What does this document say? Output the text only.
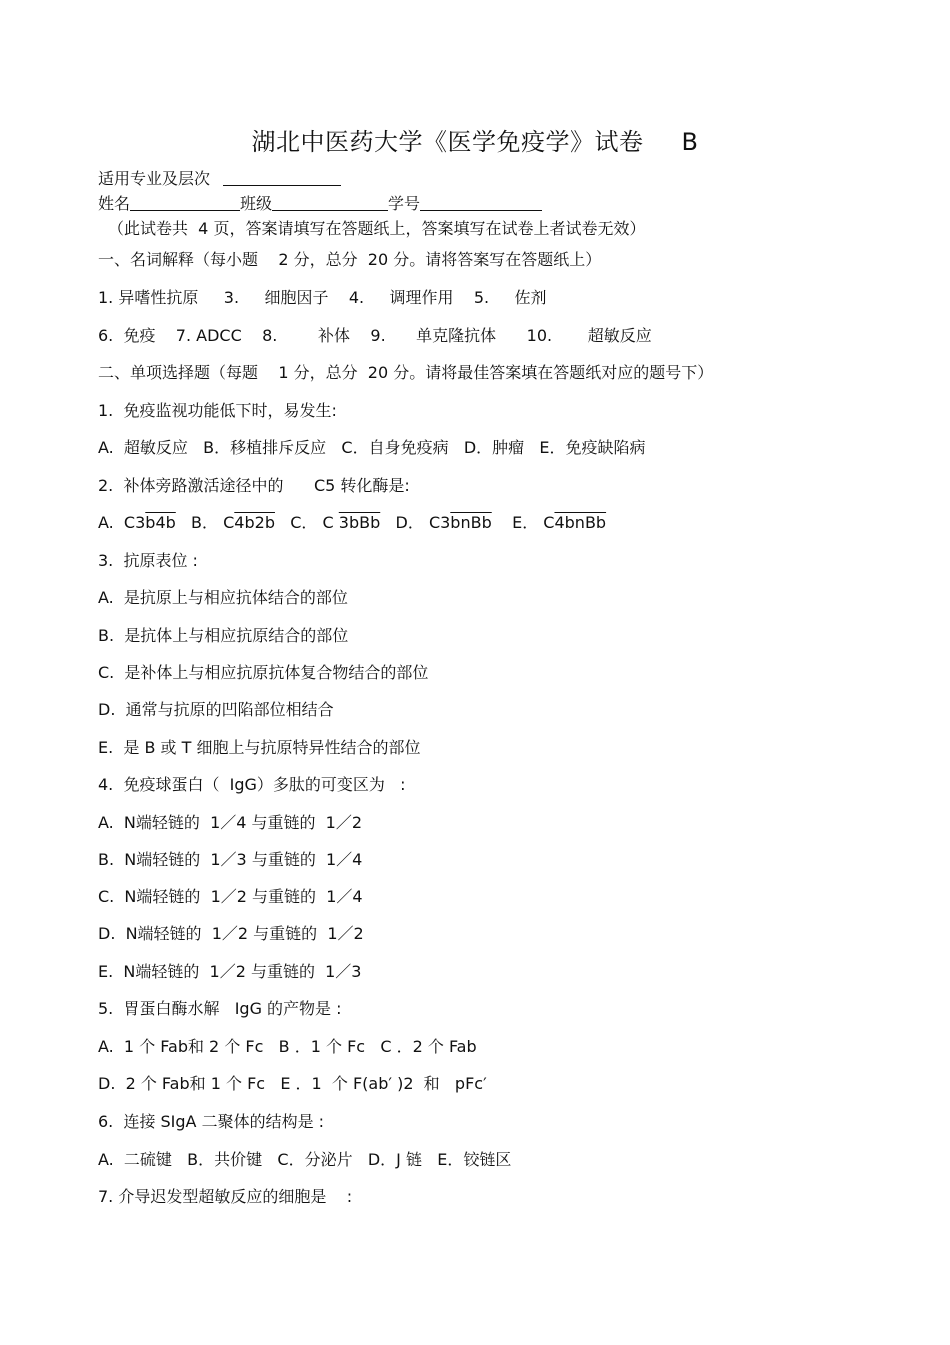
湖北中医药大学《医学免疫学》试卷 B
适用专业及层次
姓名	班级	学号
（此试卷共  4 页，答案请填写在答题纸上，答案填写在试卷上者试卷无效）
一、名词解释（每小题    2 分，总分  20 分。请将答案写在答题纸上）
1. 异嗜性抗原     3.     细胞因子    4.     调理作用    5.     佐剂
6.  免疫    7. ADCC    8.        补体    9.      单克隆抗体      10.       超敏反应
二、单项选择题（每题    1 分，总分  20 分。请将最佳答案填在答题纸对应的题号下）
1.  免疫监视功能低下时，易发生:
A.  超敏反应   B．移植排斥反应   C．自身免疫病   D．肿瘤   E．免疫缺陷病
2.  补体旁路激活途径中的      C5 转化酶是:
A. C3b4b B． C4b2b C． C 3bBb D． C3bnBb E． C4bnBb
3.  抗原表位 :
A.  是抗原上与相应抗体结合的部位
B.  是抗体上与相应抗原结合的部位
C.  是补体上与相应抗原抗体复合物结合的部位
D.  通常与抗原的凹陷部位相结合
E.  是 B 或 T 细胞上与抗原特异性结合的部位
4.  免疫球蛋白（  IgG）多肽的可变区为   :
A.  N端轻链的  1／4 与重链的  1／2
B.  N端轻链的  1／3 与重链的  1／4
C.  N端轻链的  1／2 与重链的  1／4
D.  N端轻链的  1／2 与重链的  1／2
E.  N端轻链的  1／2 与重链的  1／3
5.  胃蛋白酶水解   IgG 的产物是 :
A.  1 个 Fab和 2 个 Fc   B ．1 个 Fc   C ．2 个 Fab
D.  2 个 Fab和 1 个 Fc   E ．1  个 F(ab′ )2  和   pFc′
6.  连接 SIgA 二聚体的结构是 :
A.  二硫键   B．共价键   C．分泌片   D．J 链   E．铰链区
7. 介导迟发型超敏反应的细胞是    :
